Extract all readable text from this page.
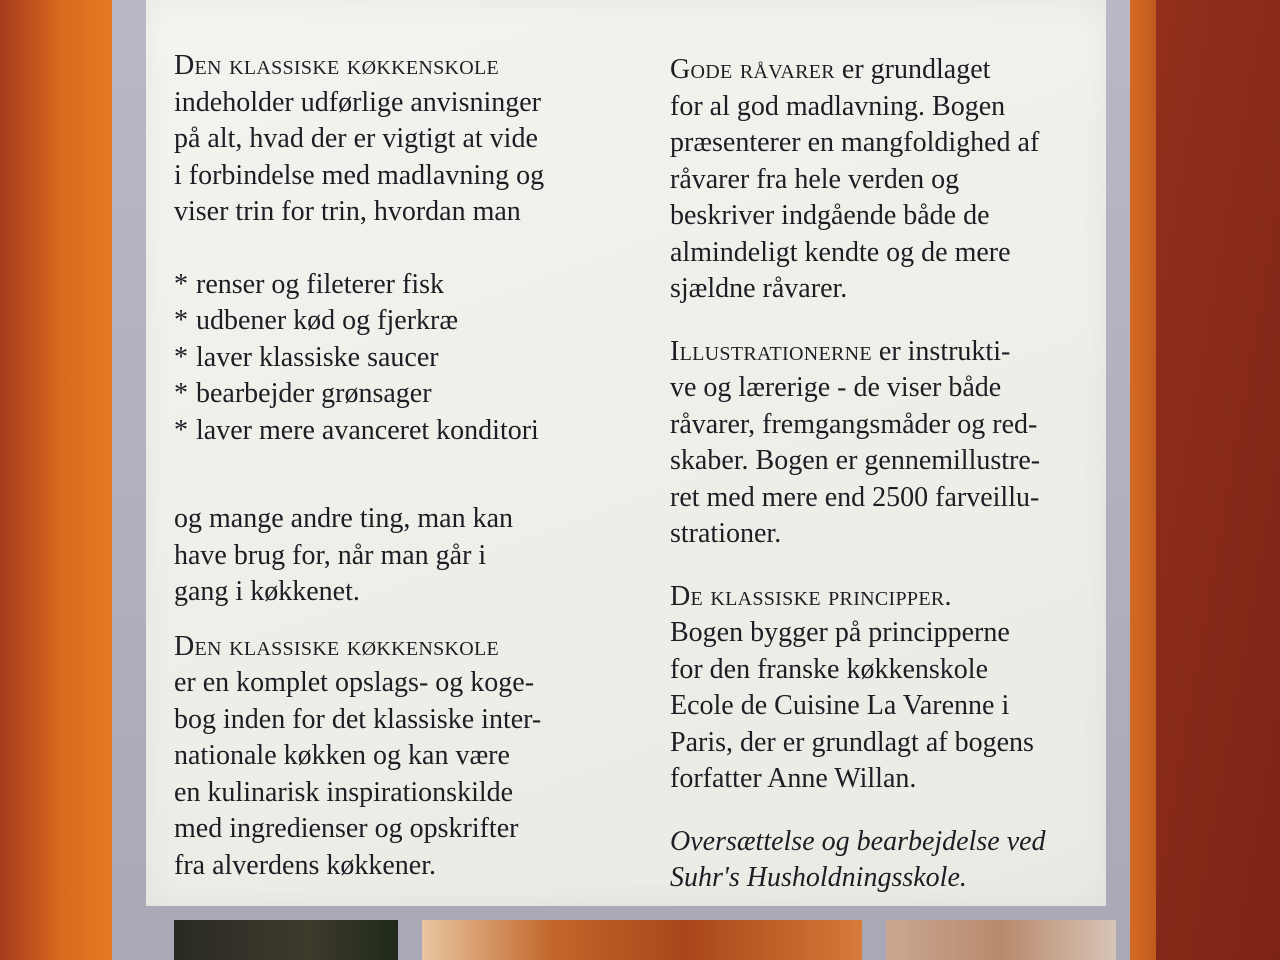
Den klassiske køkkenskole
indeholder udførlige anvisninger
på alt, hvad der er vigtigt at vide
i forbindelse med madlavning og
viser trin for trin, hvordan man

* renser og fileterer fisk
* udbener kød og fjerkræ
* laver klassiske saucer
* bearbejder grønsager
* laver mere avanceret konditori

og mange andre ting, man kan
have brug for, når man går i
gang i køkkenet.

Den klassiske køkkenskole
er en komplet opslags- og koge-
bog inden for det klassiske inter-
nationale køkken og kan være
en kulinarisk inspirationskilde
med ingredienser og opskrifter
fra alverdens køkkener.

Gode råvarer er grundlaget
for al god madlavning. Bogen
præsenterer en mangfoldighed af
råvarer fra hele verden og
beskriver indgående både de
almindeligt kendte og de mere
sjældne råvarer.

Illustrationerne er instrukti-
ve og lærerige - de viser både
råvarer, fremgangsmåder og red-
skaber. Bogen er gennemillustre-
ret med mere end 2500 farveillu-
strationer.

De klassiske principper.
Bogen bygger på principperne
for den franske køkkenskole
Ecole de Cuisine La Varenne i
Paris, der er grundlagt af bogens
forfatter Anne Willan.

Oversættelse og bearbejdelse ved
Suhr's Husholdningsskole.
